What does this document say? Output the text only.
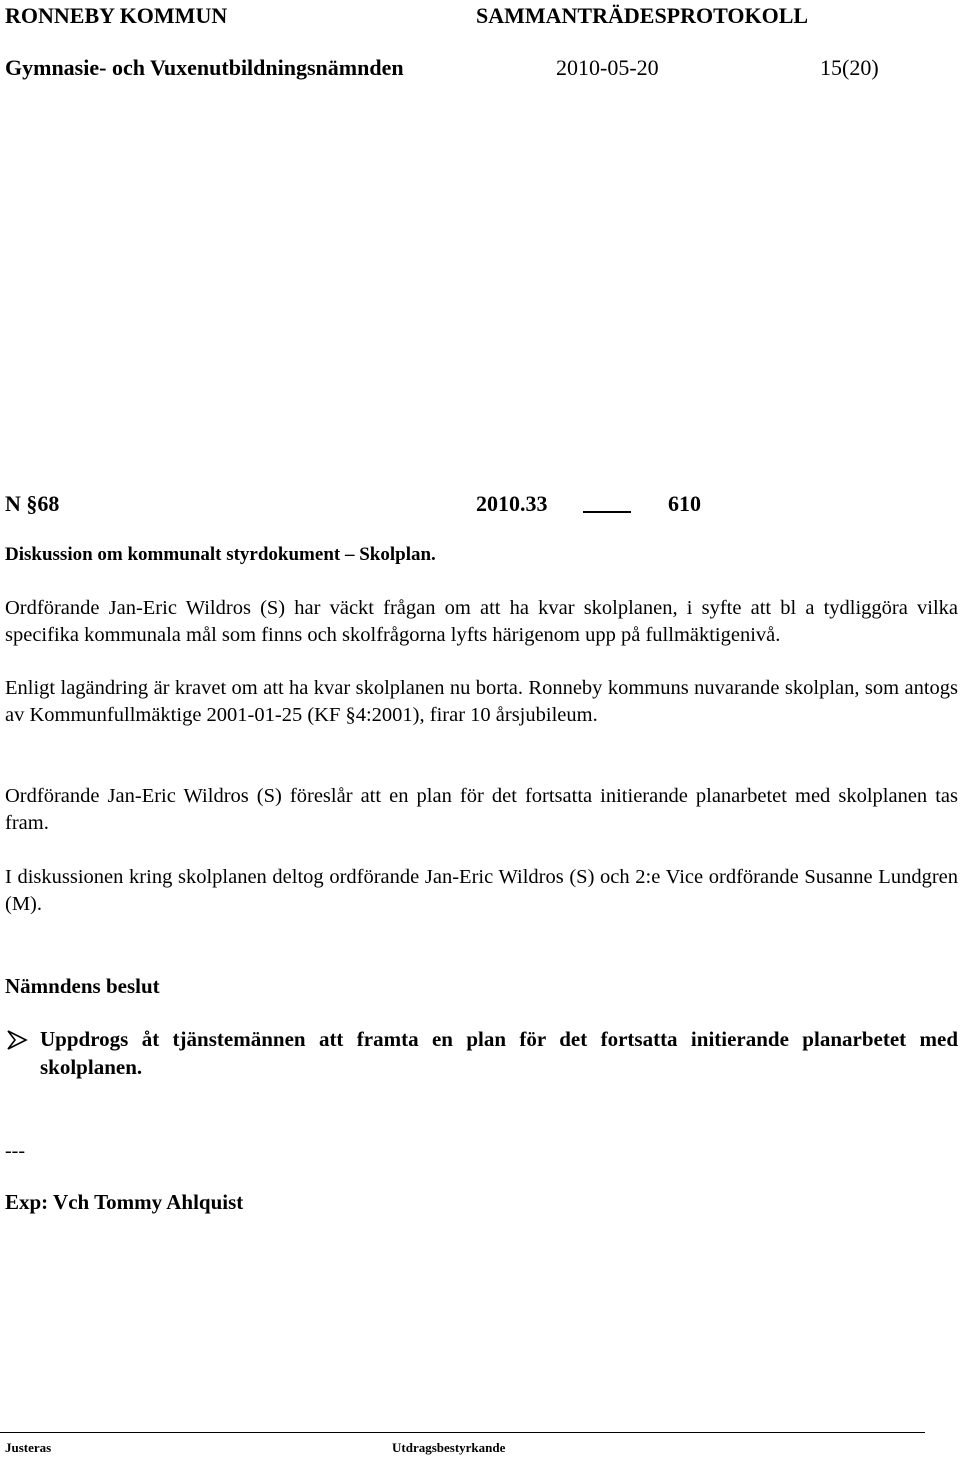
RONNEBY KOMMUN	SAMMANTRÄDESPROTOKOLL
Gymnasie- och Vuxenutbildningsnämnden	2010-05-20	15(20)
N §68	2010.33	610
Diskussion om kommunalt styrdokument – Skolplan.
Ordförande Jan-Eric Wildros (S) har väckt frågan om att ha kvar skolplanen, i syfte att bl a tydliggöra vilka specifika kommunala mål som finns och skolfrågorna lyfts härigenom upp på fullmäktigenivå.
Enligt lagändring är kravet om att ha kvar skolplanen nu borta. Ronneby kommuns nuvarande skolplan, som antogs av Kommunfullmäktige 2001-01-25 (KF §4:2001), firar 10 årsjubileum.
Ordförande Jan-Eric Wildros (S) föreslår att en plan för det fortsatta initierande planarbetet med skolplanen tas fram.
I diskussionen kring skolplanen deltog ordförande Jan-Eric Wildros (S) och 2:e Vice ordförande Susanne Lundgren (M).
Nämndens beslut
Uppdrogs åt tjänstemännen att framta en plan för det fortsatta initierande planarbetet med skolplanen.
---
Exp: Vch Tommy Ahlquist
Justeras	Utdragsbestyrkande
